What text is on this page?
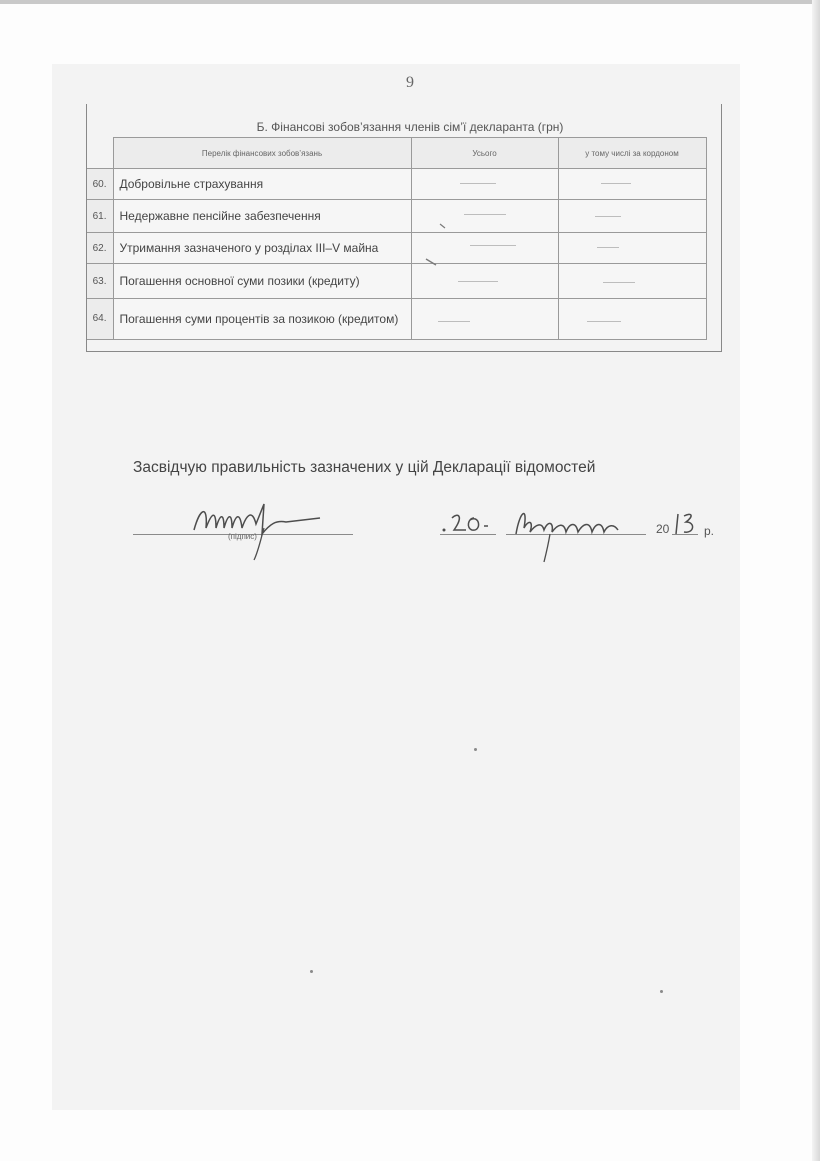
9
Б. Фінансові зобов’язання членів сім’ї декларанта (грн)
	Перелік фінансових зобов’язань	Усього	у тому числі за кордоном
60.	Добровільне страхування	

61.	Недержавне пенсійне забезпечення	

62.	Утримання зазначеного у розділах III–V майна	

63.	Погашення основної суми позики (кредиту)	

64.	Погашення суми процентів за позикою (кредитом)	

Засвідчую правильність зазначених у цій Декларації відомостей
(підпис)
20	р.
